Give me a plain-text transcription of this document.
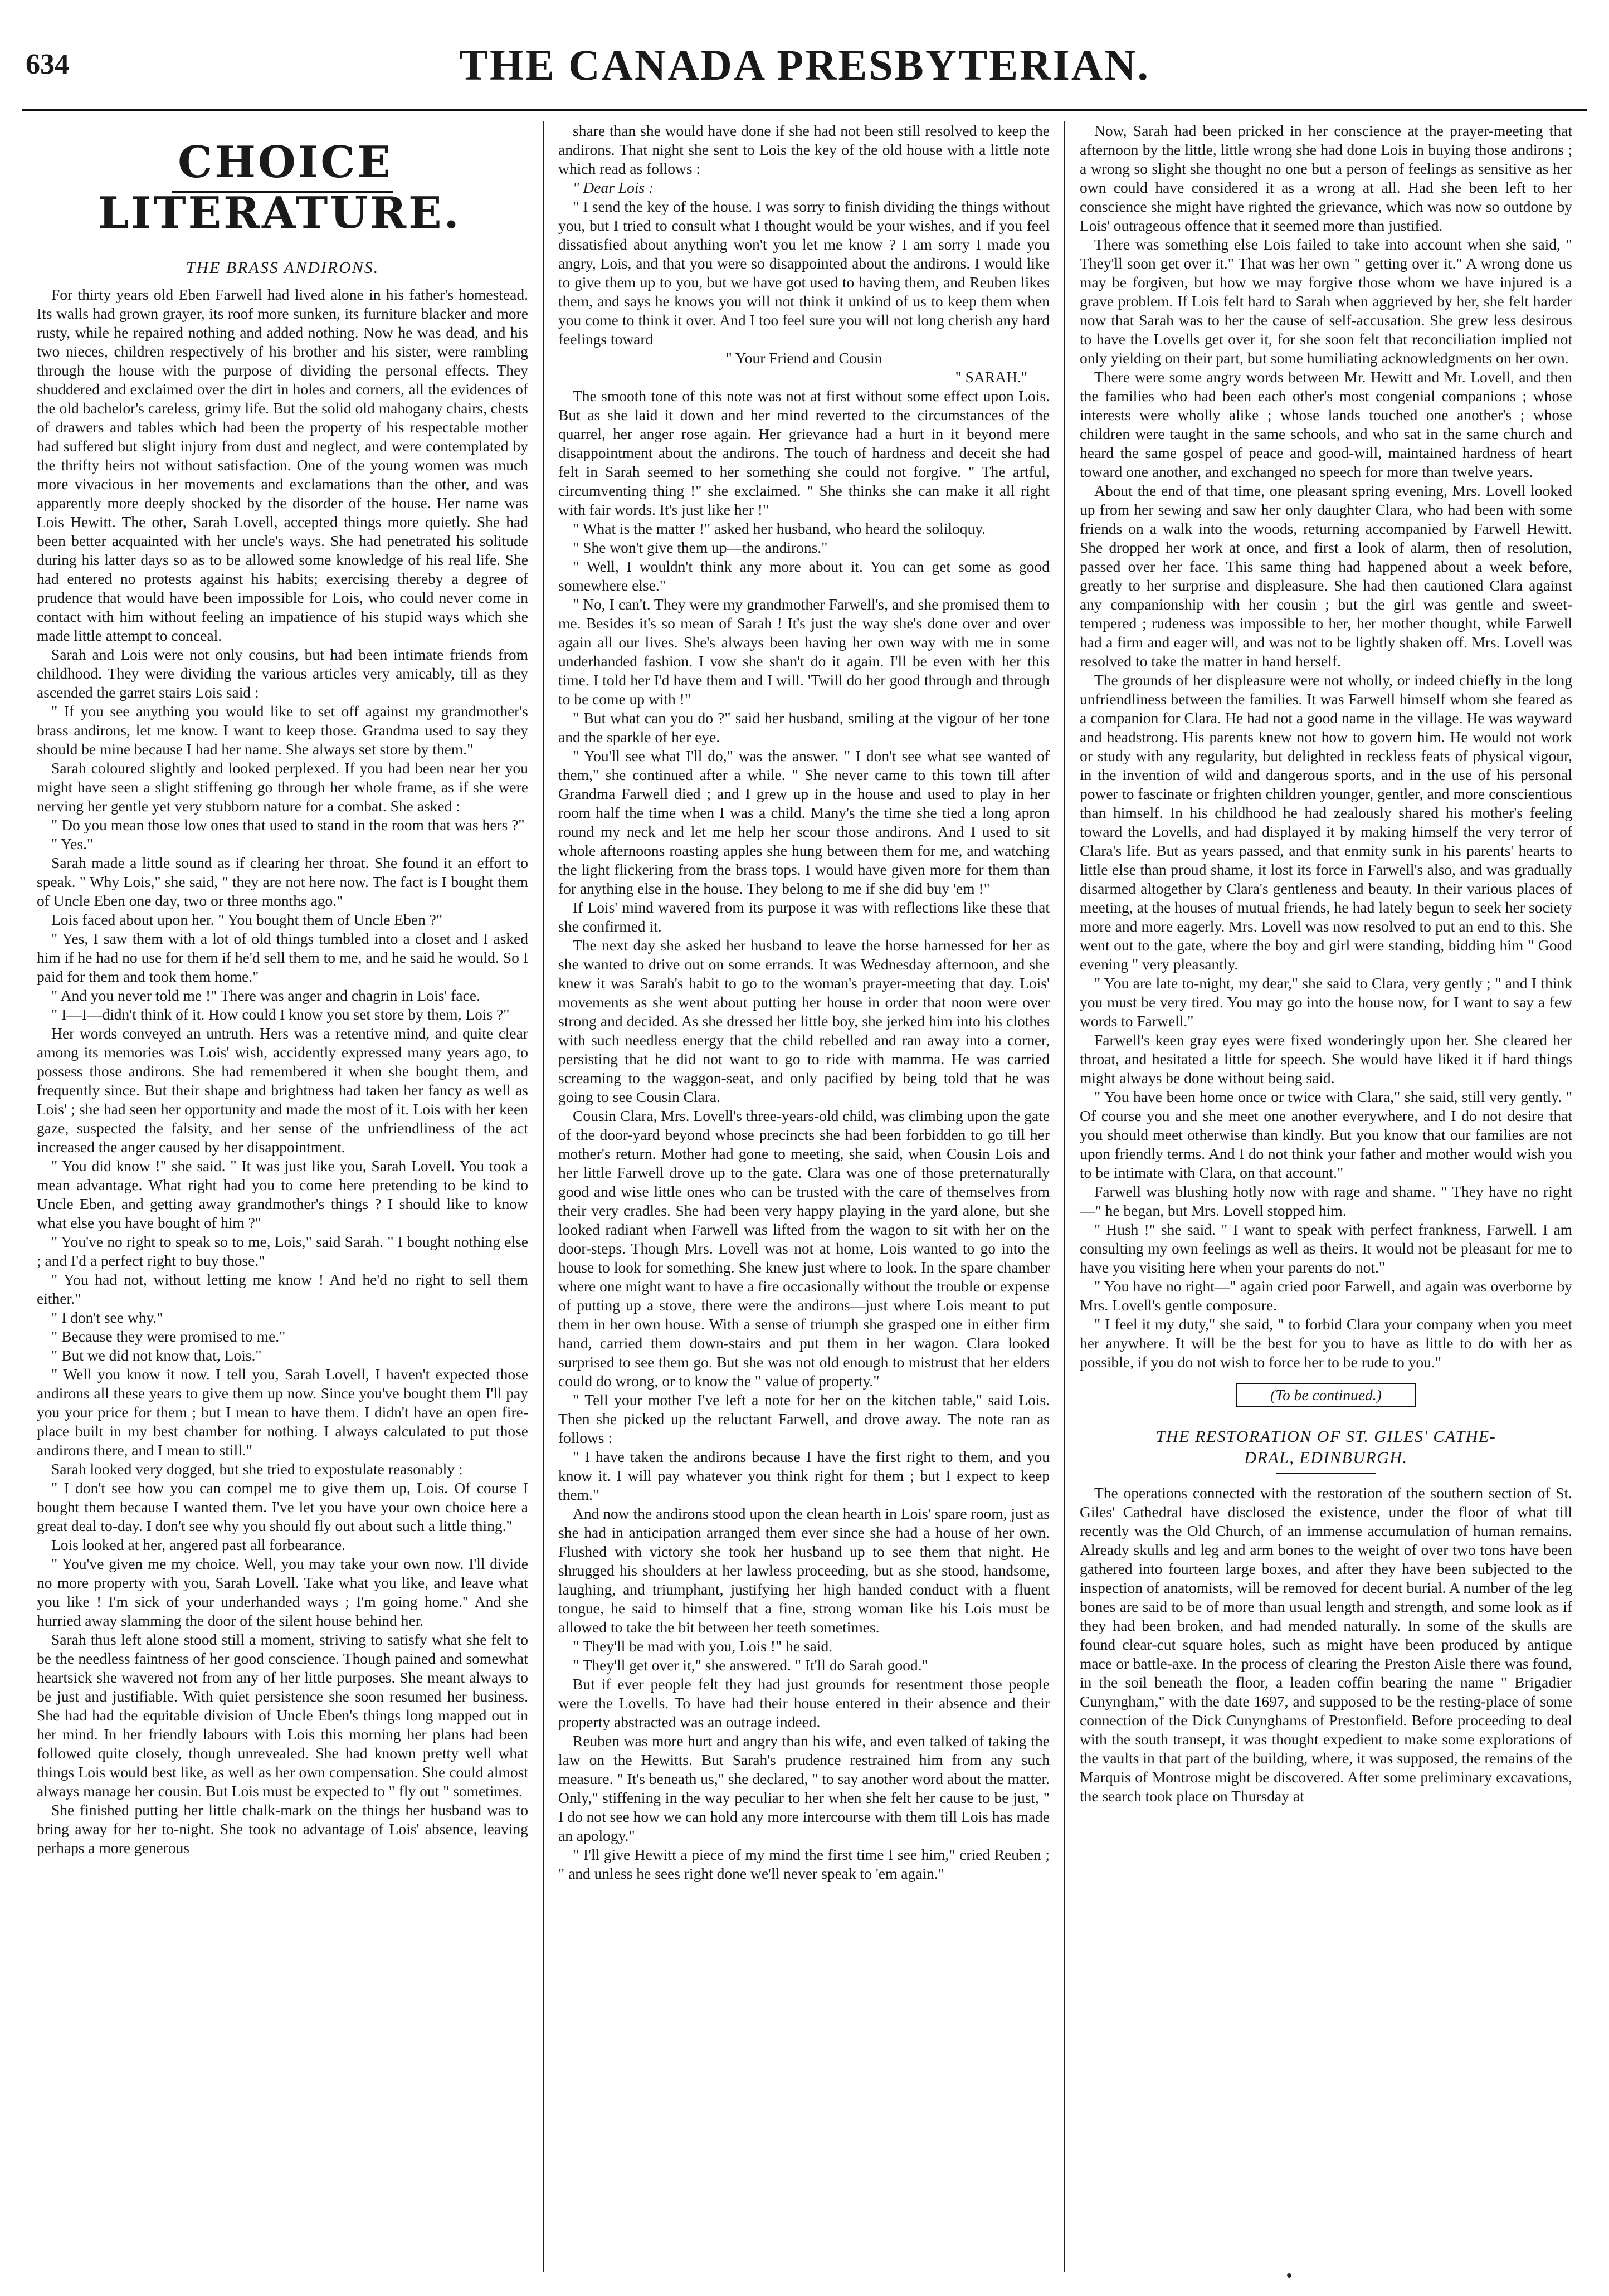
634	THE CANADA PRESBYTERIAN.
CHOICE LITERATURE.
THE BRASS ANDIRONS.

For thirty years old Eben Farwell had lived alone in his father's homestead. Its walls had grown grayer, its roof more sunken, its furniture blacker and more rusty, while he repaired nothing and added nothing. Now he was dead, and his two nieces, children respectively of his brother and his sister, were rambling through the house with the purpose of dividing the personal effects. They shuddered and exclaimed over the dirt in holes and corners, all the evidences of the old bachelor's careless, grimy life. But the solid old mahogany chairs, chests of drawers and tables which had been the property of his respectable mother had suffered but slight injury from dust and neglect, and were contemplated by the thrifty heirs not without satisfaction. One of the young women was much more vivacious in her movements and exclamations than the other, and was apparently more deeply shocked by the disorder of the house. Her name was Lois Hewitt. The other, Sarah Lovell, accepted things more quietly. She had been better acquainted with her uncle's ways. She had penetrated his solitude during his latter days so as to be allowed some knowledge of his real life. She had entered no protests against his habits; exercising thereby a degree of prudence that would have been impossible for Lois, who could never come in contact with him without feeling an impatience of his stupid ways which she made little attempt to conceal.

Sarah and Lois were not only cousins, but had been intimate friends from childhood. They were dividing the various articles very amicably, till as they ascended the garret stairs Lois said :

" If you see anything you would like to set off against my grandmother's brass andirons, let me know. I want to keep those. Grandma used to say they should be mine because I had her name. She always set store by them."

Sarah coloured slightly and looked perplexed. If you had been near her you might have seen a slight stiffening go through her whole frame, as if she were nerving her gentle yet very stubborn nature for a combat. She asked :

" Do you mean those low ones that used to stand in the room that was hers ?"

" Yes."

Sarah made a little sound as if clearing her throat. She found it an effort to speak. " Why Lois," she said, " they are not here now. The fact is I bought them of Uncle Eben one day, two or three months ago."

Lois faced about upon her. " You bought them of Uncle Eben ?"

" Yes, I saw them with a lot of old things tumbled into a closet and I asked him if he had no use for them if he'd sell them to me, and he said he would. So I paid for them and took them home."

" And you never told me !" There was anger and chagrin in Lois' face.

" I—I—didn't think of it. How could I know you set store by them, Lois ?"

Her words conveyed an untruth. Hers was a retentive mind, and quite clear among its memories was Lois' wish, accidently expressed many years ago, to possess those andirons. She had remembered it when she bought them, and frequently since. But their shape and brightness had taken her fancy as well as Lois' ; she had seen her opportunity and made the most of it. Lois with her keen gaze, suspected the falsity, and her sense of the unfriendliness of the act increased the anger caused by her disappointment.

" You did know !" she said. " It was just like you, Sarah Lovell. You took a mean advantage. What right had you to come here pretending to be kind to Uncle Eben, and getting away grandmother's things ? I should like to know what else you have bought of him ?"

" You've no right to speak so to me, Lois," said Sarah. " I bought nothing else ; and I'd a perfect right to buy those."

" You had not, without letting me know ! And he'd no right to sell them either."

" I don't see why."

" Because they were promised to me."

" But we did not know that, Lois."

" Well you know it now. I tell you, Sarah Lovell, I haven't expected those andirons all these years to give them up now. Since you've bought them I'll pay you your price for them ; but I mean to have them. I didn't have an open fire-place built in my best chamber for nothing. I always calculated to put those andirons there, and I mean to still."

Sarah looked very dogged, but she tried to expostulate reasonably :

" I don't see how you can compel me to give them up, Lois. Of course I bought them because I wanted them. I've let you have your own choice here a great deal to-day. I don't see why you should fly out about such a little thing."

Lois looked at her, angered past all forbearance.

" You've given me my choice. Well, you may take your own now. I'll divide no more property with you, Sarah Lovell. Take what you like, and leave what you like ! I'm sick of your underhanded ways ; I'm going home." And she hurried away slamming the door of the silent house behind her.

Sarah thus left alone stood still a moment, striving to satisfy what she felt to be the needless faintness of her good conscience. Though pained and somewhat heartsick she wavered not from any of her little purposes. She meant always to be just and justifiable. With quiet persistence she soon resumed her business. She had had the equitable division of Uncle Eben's things long mapped out in her mind. In her friendly labours with Lois this morning her plans had been followed quite closely, though unrevealed. She had known pretty well what things Lois would best like, as well as her own compensation. She could almost always manage her cousin. But Lois must be expected to " fly out " sometimes.

She finished putting her little chalk-mark on the things her husband was to bring away for her to-night. She took no advantage of Lois' absence, leaving perhaps a more generous

share than she would have done if she had not been still resolved to keep the andirons. That night she sent to Lois the key of the old house with a little note which read as follows :

" Dear Lois :

" I send the key of the house. I was sorry to finish dividing the things without you, but I tried to consult what I thought would be your wishes, and if you feel dissatisfied about anything won't you let me know ? I am sorry I made you angry, Lois, and that you were so disappointed about the andirons. I would like to give them up to you, but we have got used to having them, and Reuben likes them, and says he knows you will not think it unkind of us to keep them when you come to think it over. And I too feel sure you will not long cherish any hard feelings toward

" Your Friend and Cousin

" SARAH."

The smooth tone of this note was not at first without some effect upon Lois. But as she laid it down and her mind reverted to the circumstances of the quarrel, her anger rose again. Her grievance had a hurt in it beyond mere disappointment about the andirons. The touch of hardness and deceit she had felt in Sarah seemed to her something she could not forgive. " The artful, circumventing thing !" she exclaimed. " She thinks she can make it all right with fair words. It's just like her !"

" What is the matter !" asked her husband, who heard the soliloquy.

" She won't give them up—the andirons."

" Well, I wouldn't think any more about it. You can get some as good somewhere else."

" No, I can't. They were my grandmother Farwell's, and she promised them to me. Besides it's so mean of Sarah ! It's just the way she's done over and over again all our lives. She's always been having her own way with me in some underhanded fashion. I vow she shan't do it again. I'll be even with her this time. I told her I'd have them and I will. 'Twill do her good through and through to be come up with !"

" But what can you do ?" said her husband, smiling at the vigour of her tone and the sparkle of her eye.

" You'll see what I'll do," was the answer. " I don't see what see wanted of them," she continued after a while. " She never came to this town till after Grandma Farwell died ; and I grew up in the house and used to play in her room half the time when I was a child. Many's the time she tied a long apron round my neck and let me help her scour those andirons. And I used to sit whole afternoons roasting apples she hung between them for me, and watching the light flickering from the brass tops. I would have given more for them than for anything else in the house. They belong to me if she did buy 'em !"

If Lois' mind wavered from its purpose it was with reflections like these that she confirmed it.

The next day she asked her husband to leave the horse harnessed for her as she wanted to drive out on some errands. It was Wednesday afternoon, and she knew it was Sarah's habit to go to the woman's prayer-meeting that day. Lois' movements as she went about putting her house in order that noon were over strong and decided. As she dressed her little boy, she jerked him into his clothes with such needless energy that the child rebelled and ran away into a corner, persisting that he did not want to go to ride with mamma. He was carried screaming to the waggon-seat, and only pacified by being told that he was going to see Cousin Clara.

Cousin Clara, Mrs. Lovell's three-years-old child, was climbing upon the gate of the door-yard beyond whose precincts she had been forbidden to go till her mother's return. Mother had gone to meeting, she said, when Cousin Lois and her little Farwell drove up to the gate. Clara was one of those preternaturally good and wise little ones who can be trusted with the care of themselves from their very cradles. She had been very happy playing in the yard alone, but she looked radiant when Farwell was lifted from the wagon to sit with her on the door-steps. Though Mrs. Lovell was not at home, Lois wanted to go into the house to look for something. She knew just where to look. In the spare chamber where one might want to have a fire occasionally without the trouble or expense of putting up a stove, there were the andirons—just where Lois meant to put them in her own house. With a sense of triumph she grasped one in either firm hand, carried them down-stairs and put them in her wagon. Clara looked surprised to see them go. But she was not old enough to mistrust that her elders could do wrong, or to know the " value of property."

" Tell your mother I've left a note for her on the kitchen table," said Lois. Then she picked up the reluctant Farwell, and drove away. The note ran as follows :

" I have taken the andirons because I have the first right to them, and you know it. I will pay whatever you think right for them ; but I expect to keep them."

And now the andirons stood upon the clean hearth in Lois' spare room, just as she had in anticipation arranged them ever since she had a house of her own. Flushed with victory she took her husband up to see them that night. He shrugged his shoulders at her lawless proceeding, but as she stood, handsome, laughing, and triumphant, justifying her high handed conduct with a fluent tongue, he said to himself that a fine, strong woman like his Lois must be allowed to take the bit between her teeth sometimes.

" They'll be mad with you, Lois !" he said.

" They'll get over it," she answered. " It'll do Sarah good."

But if ever people felt they had just grounds for resentment those people were the Lovells. To have had their house entered in their absence and their property abstracted was an outrage indeed.

Reuben was more hurt and angry than his wife, and even talked of taking the law on the Hewitts. But Sarah's prudence restrained him from any such measure. " It's beneath us," she declared, " to say another word about the matter. Only," stiffening in the way peculiar to her when she felt her cause to be just, " I do not see how we can hold any more intercourse with them till Lois has made an apology."

" I'll give Hewitt a piece of my mind the first time I see him," cried Reuben ; " and unless he sees right done we'll never speak to 'em again."

Now, Sarah had been pricked in her conscience at the prayer-meeting that afternoon by the little, little wrong she had done Lois in buying those andirons ; a wrong so slight she thought no one but a person of feelings as sensitive as her own could have considered it as a wrong at all. Had she been left to her conscience she might have righted the grievance, which was now so outdone by Lois' outrageous offence that it seemed more than justified.

There was something else Lois failed to take into account when she said, " They'll soon get over it." That was her own " getting over it." A wrong done us may be forgiven, but how we may forgive those whom we have injured is a grave problem. If Lois felt hard to Sarah when aggrieved by her, she felt harder now that Sarah was to her the cause of self-accusation. She grew less desirous to have the Lovells get over it, for she soon felt that reconciliation implied not only yielding on their part, but some humiliating acknowledgments on her own.

There were some angry words between Mr. Hewitt and Mr. Lovell, and then the families who had been each other's most congenial companions ; whose interests were wholly alike ; whose lands touched one another's ; whose children were taught in the same schools, and who sat in the same church and heard the same gospel of peace and good-will, maintained hardness of heart toward one another, and exchanged no speech for more than twelve years.

About the end of that time, one pleasant spring evening, Mrs. Lovell looked up from her sewing and saw her only daughter Clara, who had been with some friends on a walk into the woods, returning accompanied by Farwell Hewitt. She dropped her work at once, and first a look of alarm, then of resolution, passed over her face. This same thing had happened about a week before, greatly to her surprise and displeasure. She had then cautioned Clara against any companionship with her cousin ; but the girl was gentle and sweet-tempered ; rudeness was impossible to her, her mother thought, while Farwell had a firm and eager will, and was not to be lightly shaken off. Mrs. Lovell was resolved to take the matter in hand herself.

The grounds of her displeasure were not wholly, or indeed chiefly in the long unfriendliness between the families. It was Farwell himself whom she feared as a companion for Clara. He had not a good name in the village. He was wayward and headstrong. His parents knew not how to govern him. He would not work or study with any regularity, but delighted in reckless feats of physical vigour, in the invention of wild and dangerous sports, and in the use of his personal power to fascinate or frighten children younger, gentler, and more conscientious than himself. In his childhood he had zealously shared his mother's feeling toward the Lovells, and had displayed it by making himself the very terror of Clara's life. But as years passed, and that enmity sunk in his parents' hearts to little else than proud shame, it lost its force in Farwell's also, and was gradually disarmed altogether by Clara's gentleness and beauty. In their various places of meeting, at the houses of mutual friends, he had lately begun to seek her society more and more eagerly. Mrs. Lovell was now resolved to put an end to this. She went out to the gate, where the boy and girl were standing, bidding him " Good evening " very pleasantly.

" You are late to-night, my dear," she said to Clara, very gently ; " and I think you must be very tired. You may go into the house now, for I want to say a few words to Farwell."

Farwell's keen gray eyes were fixed wonderingly upon her. She cleared her throat, and hesitated a little for speech. She would have liked it if hard things might always be done without being said.

" You have been home once or twice with Clara," she said, still very gently. " Of course you and she meet one another everywhere, and I do not desire that you should meet otherwise than kindly. But you know that our families are not upon friendly terms. And I do not think your father and mother would wish you to be intimate with Clara, on that account."

Farwell was blushing hotly now with rage and shame. " They have no right—" he began, but Mrs. Lovell stopped him.

" Hush !" she said. " I want to speak with perfect frankness, Farwell. I am consulting my own feelings as well as theirs. It would not be pleasant for me to have you visiting here when your parents do not."

" You have no right—" again cried poor Farwell, and again was overborne by Mrs. Lovell's gentle composure.

" I feel it my duty," she said, " to forbid Clara your company when you meet her anywhere. It will be the best for you to have as little to do with her as possible, if you do not wish to force her to be rude to you."

(To be continued.)
THE RESTORATION OF ST. GILES' CATHE-
DRAL, EDINBURGH.

The operations connected with the restoration of the southern section of St. Giles' Cathedral have disclosed the existence, under the floor of what till recently was the Old Church, of an immense accumulation of human remains. Already skulls and leg and arm bones to the weight of over two tons have been gathered into fourteen large boxes, and after they have been subjected to the inspection of anatomists, will be removed for decent burial. A number of the leg bones are said to be of more than usual length and strength, and some look as if they had been broken, and had mended naturally. In some of the skulls are found clear-cut square holes, such as might have been produced by antique mace or battle-axe. In the process of clearing the Preston Aisle there was found, in the soil beneath the floor, a leaden coffin bearing the name " Brigadier Cunyngham," with the date 1697, and supposed to be the resting-place of some connection of the Dick Cunynghams of Prestonfield. Before proceeding to deal with the south transept, it was thought expedient to make some explorations of the vaults in that part of the building, where, it was supposed, the remains of the Marquis of Montrose might be discovered. After some preliminary excavations, the search took place on Thursday at
